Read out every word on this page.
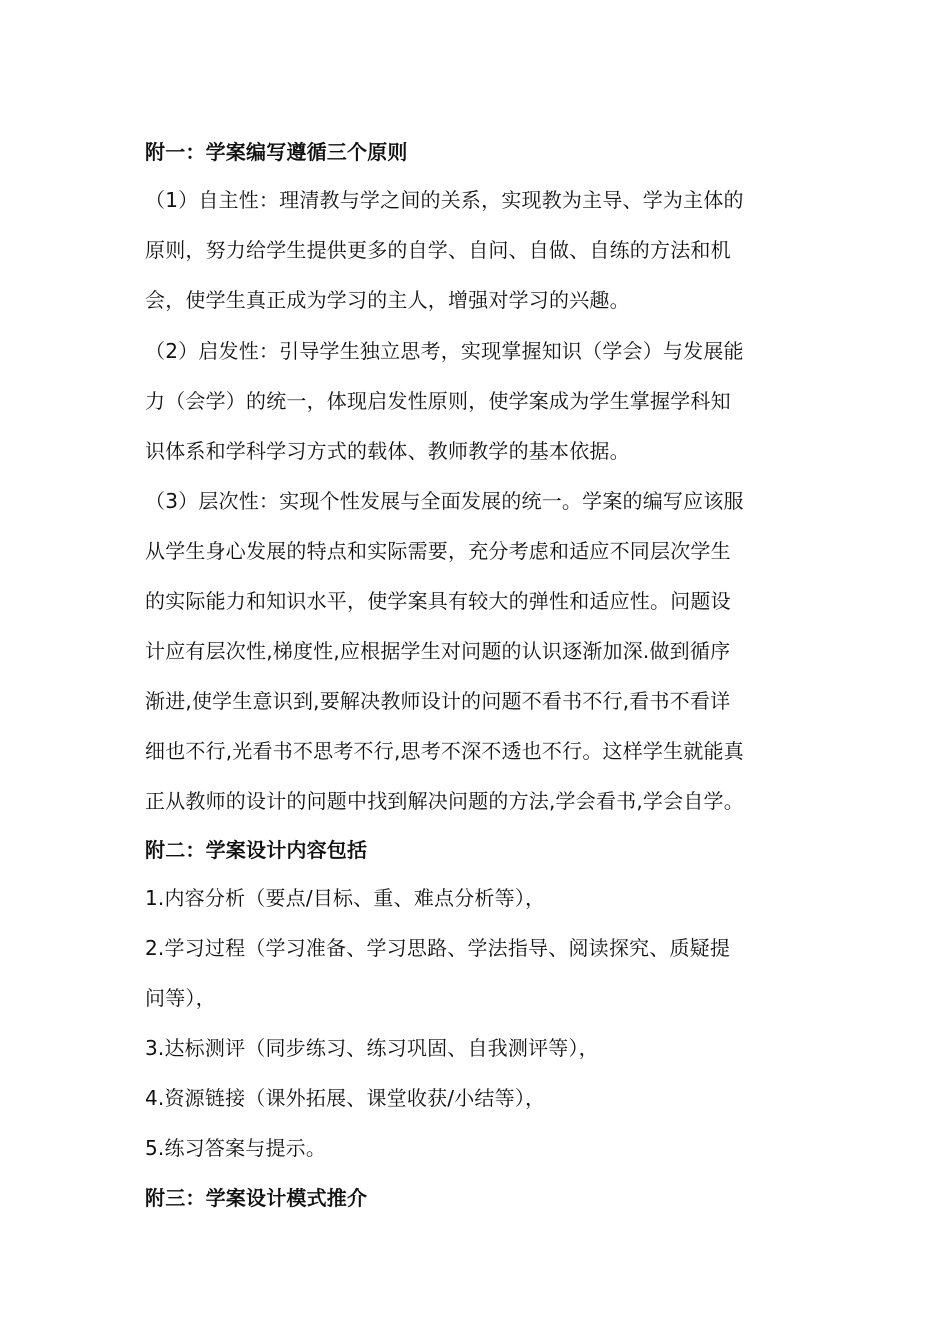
附一：学案编写遵循三个原则
（1）自主性：理清教与学之间的关系，实现教为主导、学为主体的
原则，努力给学生提供更多的自学、自问、自做、自练的方法和机
会，使学生真正成为学习的主人，增强对学习的兴趣。
（2）启发性：引导学生独立思考，实现掌握知识（学会）与发展能
力（会学）的统一，体现启发性原则，使学案成为学生掌握学科知
识体系和学科学习方式的载体、教师教学的基本依据。
（3）层次性：实现个性发展与全面发展的统一。学案的编写应该服
从学生身心发展的特点和实际需要，充分考虑和适应不同层次学生
的实际能力和知识水平，使学案具有较大的弹性和适应性。问题设
计应有层次性,梯度性,应根据学生对问题的认识逐渐加深.做到循序
渐进,使学生意识到,要解决教师设计的问题不看书不行,看书不看详
细也不行,光看书不思考不行,思考不深不透也不行。这样学生就能真
正从教师的设计的问题中找到解决问题的方法,学会看书,学会自学。
附二：学案设计内容包括
1.内容分析（要点/目标、重、难点分析等），
2.学习过程（学习准备、学习思路、学法指导、阅读探究、质疑提
问等），
3.达标测评（同步练习、练习巩固、自我测评等），
4.资源链接（课外拓展、课堂收获/小结等），
5.练习答案与提示。
附三：学案设计模式推介
